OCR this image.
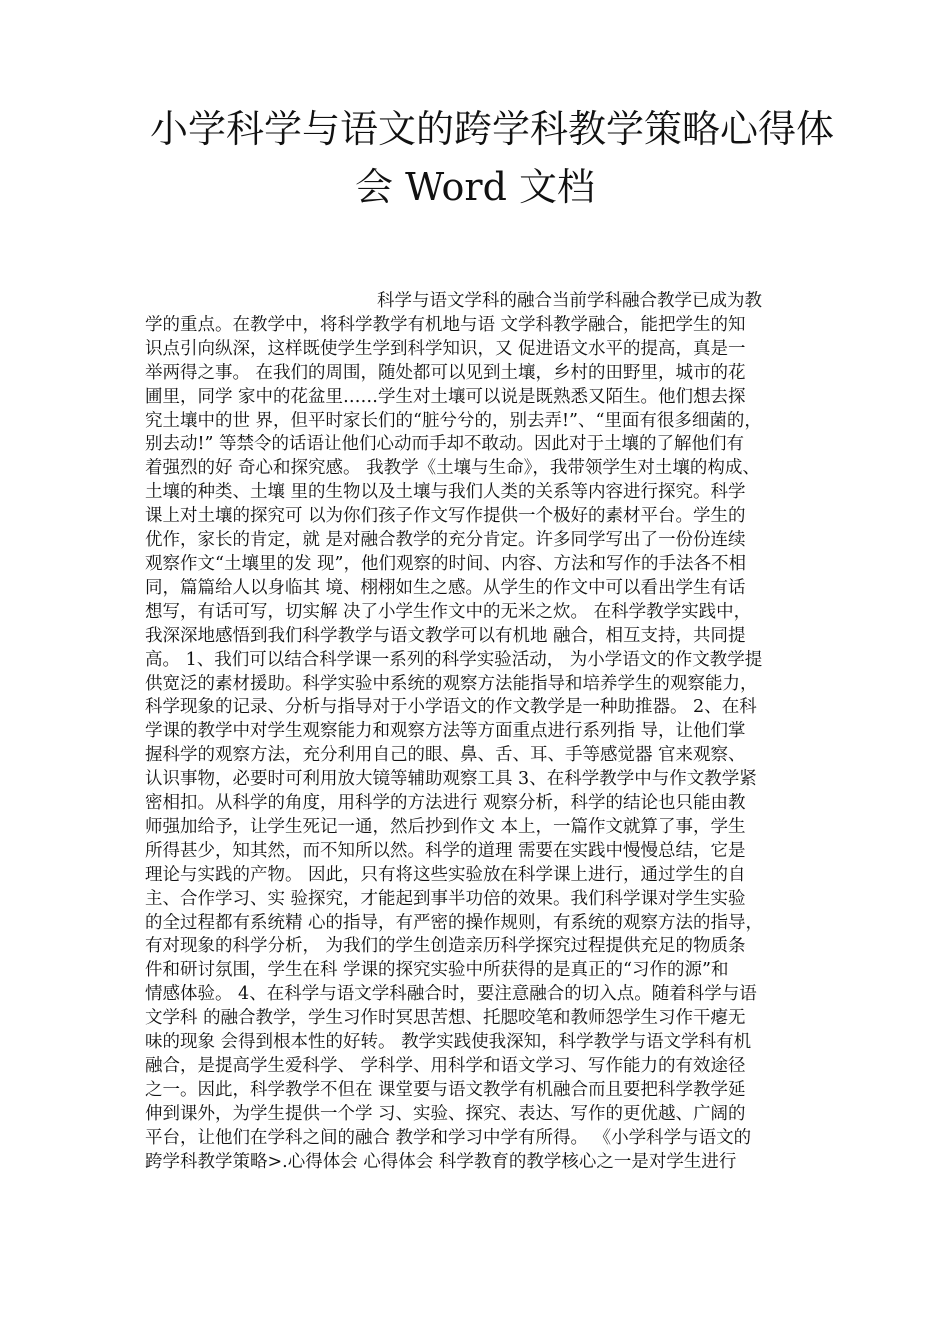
小学科学与语文的跨学科教学策略心得体
会 Word 文档
科学与语文学科的融合当前学科融合教学已成为教
学的重点。在教学中，将科学教学有机地与语 文学科教学融合，能把学生的知
识点引向纵深，这样既使学生学到科学知识，又 促进语文水平的提高，真是一
举两得之事。 在我们的周围，随处都可以见到土壤，乡村的田野里，城市的花
圃里，同学 家中的花盆里……学生对土壤可以说是既熟悉又陌生。他们想去探
究土壤中的世 界，但平时家长们的“脏兮兮的，别去弄!”、“里面有很多细菌的，
别去动!” 等禁令的话语让他们心动而手却不敢动。因此对于土壤的了解他们有
着强烈的好 奇心和探究感。 我教学《土壤与生命》，我带领学生对土壤的构成、
土壤的种类、土壤 里的生物以及土壤与我们人类的关系等内容进行探究。科学
课上对土壤的探究可 以为你们孩子作文写作提供一个极好的素材平台。学生的
优作，家长的肯定，就 是对融合教学的充分肯定。许多同学写出了一份份连续
观察作文“土壤里的发 现”，他们观察的时间、内容、方法和写作的手法各不相
同，篇篇给人以身临其 境、栩栩如生之感。从学生的作文中可以看出学生有话
想写，有话可写，切实解 决了小学生作文中的无米之炊。 在科学教学实践中，
我深深地感悟到我们科学教学与语文教学可以有机地 融合，相互支持，共同提
高。 1、我们可以结合科学课一系列的科学实验活动， 为小学语文的作文教学提
供宽泛的素材援助。科学实验中系统的观察方法能指导和培养学生的观察能力，
科学现象的记录、分析与指导对于小学语文的作文教学是一种助推器。 2、在科
学课的教学中对学生观察能力和观察方法等方面重点进行系列指 导，让他们掌
握科学的观察方法，充分利用自己的眼、鼻、舌、耳、手等感觉器 官来观察、
认识事物，必要时可利用放大镜等辅助观察工具 3、在科学教学中与作文教学紧
密相扣。从科学的角度，用科学的方法进行 观察分析，科学的结论也只能由教
师强加给予，让学生死记一通，然后抄到作文 本上，一篇作文就算了事，学生
所得甚少，知其然，而不知所以然。科学的道理 需要在实践中慢慢总结，它是
理论与实践的产物。 因此，只有将这些实验放在科学课上进行，通过学生的自
主、合作学习、实 验探究，才能起到事半功倍的效果。我们科学课对学生实验
的全过程都有系统精 心的指导，有严密的操作规则，有系统的观察方法的指导，
有对现象的科学分析， 为我们的学生创造亲历科学探究过程提供充足的物质条
件和研讨氛围，学生在科 学课的探究实验中所获得的是真正的“习作的源”和
情感体验。 4、在科学与语文学科融合时，要注意融合的切入点。随着科学与语
文学科 的融合教学，学生习作时冥思苦想、托腮咬笔和教师怨学生习作干瘪无
味的现象 会得到根本性的好转。 教学实践使我深知，科学教学与语文学科有机
融合，是提高学生爱科学、 学科学、用科学和语文学习、写作能力的有效途径
之一。因此，科学教学不但在 课堂要与语文教学有机融合而且要把科学教学延
伸到课外，为学生提供一个学 习、实验、探究、表达、写作的更优越、广阔的
平台，让他们在学科之间的融合 教学和学习中学有所得。 《小学科学与语文的
跨学科教学策略>.心得体会 心得体会 科学教育的教学核心之一是对学生进行
